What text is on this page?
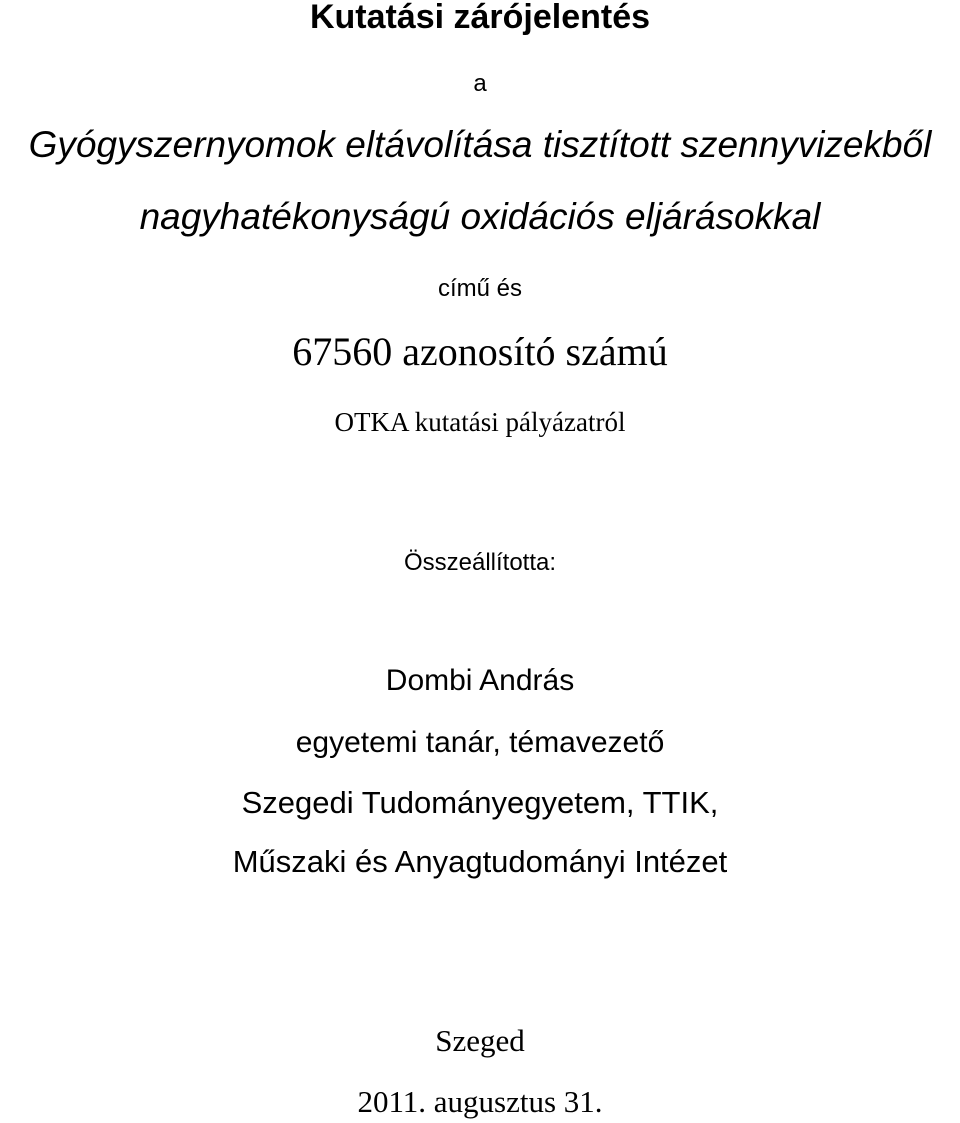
Kutatási zárójelentés
a
Gyógyszernyomok eltávolítása tisztított szennyvizekből
nagyhatékonyságú oxidációs eljárásokkal
című és
67560 azonosító számú
OTKA kutatási pályázatról
Összeállította:
Dombi András
egyetemi tanár, témavezető
Szegedi Tudományegyetem, TTIK,
Műszaki és Anyagtudományi Intézet
Szeged
2011. augusztus 31.
